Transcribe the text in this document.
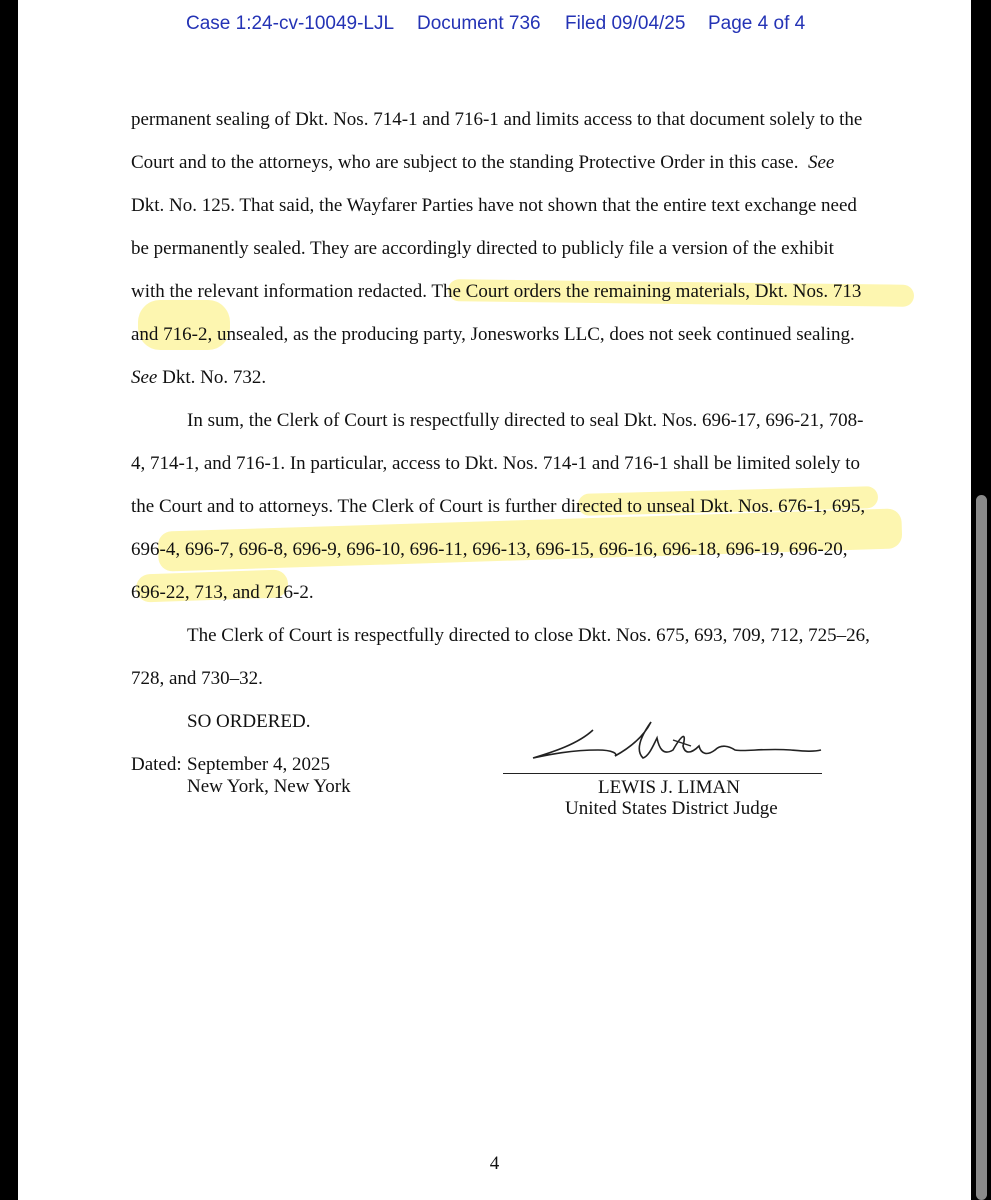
Case 1:24-cv-10049-LJL Document 736 Filed 09/04/25 Page 4 of 4
permanent sealing of Dkt. Nos. 714-1 and 716-1 and limits access to that document solely to the
Court and to the attorneys, who are subject to the standing Protective Order in this case.  See
Dkt. No. 125. That said, the Wayfarer Parties have not shown that the entire text exchange need
be permanently sealed. They are accordingly directed to publicly file a version of the exhibit
with the relevant information redacted. The Court orders the remaining materials, Dkt. Nos. 713
and 716-2, unsealed, as the producing party, Jonesworks LLC, does not seek continued sealing.
See Dkt. No. 732.
In sum, the Clerk of Court is respectfully directed to seal Dkt. Nos. 696-17, 696-21, 708-
4, 714-1, and 716-1. In particular, access to Dkt. Nos. 714-1 and 716-1 shall be limited solely to
the Court and to attorneys. The Clerk of Court is further directed to unseal Dkt. Nos. 676-1, 695,
696-4, 696-7, 696-8, 696-9, 696-10, 696-11, 696-13, 696-15, 696-16, 696-18, 696-19, 696-20,
696-22, 713, and 716-2.
The Clerk of Court is respectfully directed to close Dkt. Nos. 675, 693, 709, 712, 725–26,
728, and 730–32.
SO ORDERED.
Dated: September 4, 2025
New York, New York	LEWIS J. LIMAN
United States District Judge
4
